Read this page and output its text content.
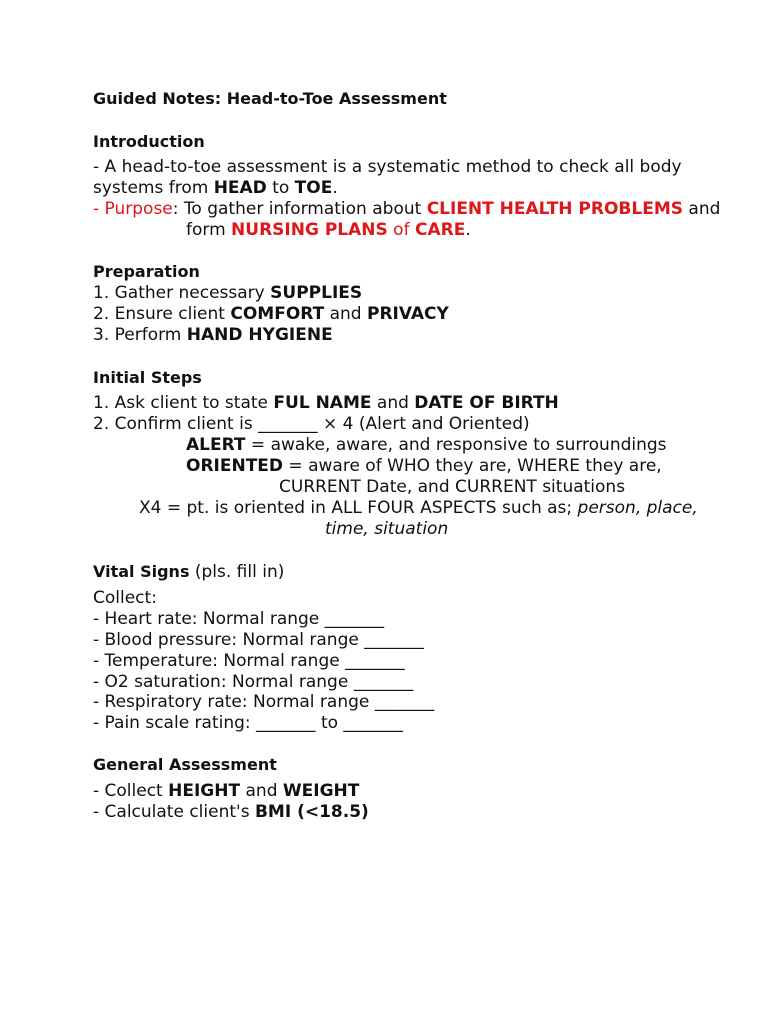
Guided Notes: Head-to-Toe Assessment
Introduction
- A head-to-toe assessment is a systematic method to check all body
systems from HEAD to TOE.
- Purpose: To gather information about CLIENT HEALTH PROBLEMS and
form NURSING PLANS of CARE.
Preparation
1. Gather necessary SUPPLIES
2. Ensure client COMFORT and PRIVACY
3. Perform HAND HYGIENE
Initial Steps
1. Ask client to state FUL NAME and DATE OF BIRTH
2. Confirm client is _______ × 4 (Alert and Oriented)
ALERT = awake, aware, and responsive to surroundings
ORIENTED = aware of WHO they are, WHERE they are,
CURRENT Date, and CURRENT situations
X4 = pt. is oriented in ALL FOUR ASPECTS such as; person, place,
time, situation
Vital Signs (pls. fill in)
Collect:
- Heart rate: Normal range _______
- Blood pressure: Normal range _______
- Temperature: Normal range _______
- O2 saturation: Normal range _______
- Respiratory rate: Normal range _______
- Pain scale rating: _______ to _______
General Assessment
- Collect HEIGHT and WEIGHT
- Calculate client's BMI (<18.5)
